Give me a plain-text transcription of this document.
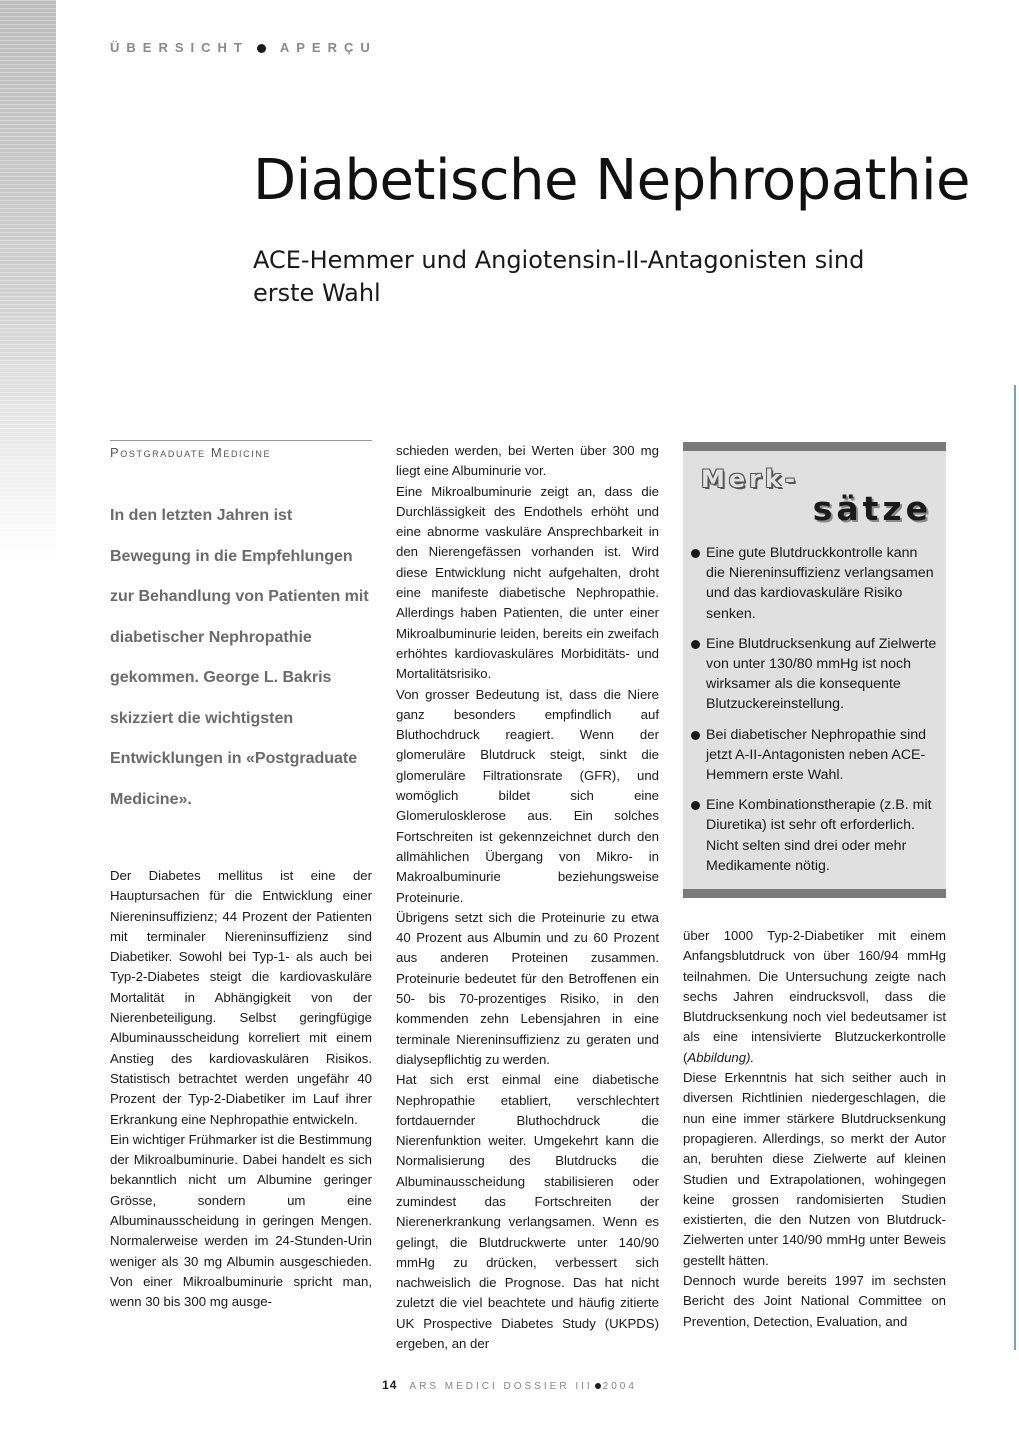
ÜBERSICHT APERÇU
Diabetische Nephropathie
ACE-Hemmer und Angiotensin-II-Antagonisten sind erste Wahl
Postgraduate Medicine

In den letzten Jahren ist Bewegung in die Empfehlungen zur Behandlung von Patienten mit diabetischer Nephropathie gekommen. George L. Bakris skizziert die wichtigsten Entwicklungen in «Postgraduate Medicine».

Der Diabetes mellitus ist eine der Hauptursachen für die Entwicklung einer Niereninsuffizienz; 44 Prozent der Patienten mit terminaler Niereninsuffizienz sind Diabetiker. Sowohl bei Typ-1- als auch bei Typ-2-Diabetes steigt die kardiovaskuläre Mortalität in Abhängigkeit von der Nierenbeteiligung. Selbst geringfügige Albuminausscheidung korreliert mit einem Anstieg des kardiovaskulären Risikos. Statistisch betrachtet werden ungefähr 40 Prozent der Typ-2-Diabetiker im Lauf ihrer Erkrankung eine Nephropathie entwickeln.

Ein wichtiger Frühmarker ist die Bestimmung der Mikroalbuminurie. Dabei handelt es sich bekanntlich nicht um Albumine geringer Grösse, sondern um eine Albuminausscheidung in geringen Mengen. Normalerweise werden im 24-Stunden-Urin weniger als 30 mg Albumin ausgeschieden. Von einer Mikroalbuminurie spricht man, wenn 30 bis 300 mg ausge-

schieden werden, bei Werten über 300 mg liegt eine Albuminurie vor.

Eine Mikroalbuminurie zeigt an, dass die Durchlässigkeit des Endothels erhöht und eine abnorme vaskuläre Ansprechbarkeit in den Nierengefässen vorhanden ist. Wird diese Entwicklung nicht aufgehalten, droht eine manifeste diabetische Nephropathie. Allerdings haben Patienten, die unter einer Mikroalbuminurie leiden, bereits ein zweifach erhöhtes kardiovaskuläres Morbiditäts- und Mortalitätsrisiko.

Von grosser Bedeutung ist, dass die Niere ganz besonders empfindlich auf Bluthochdruck reagiert. Wenn der glomeruläre Blutdruck steigt, sinkt die glomeruläre Filtrationsrate (GFR), und womöglich bildet sich eine Glomerulosklerose aus. Ein solches Fortschreiten ist gekennzeichnet durch den allmählichen Übergang von Mikro- in Makroalbuminurie beziehungsweise Proteinurie.

Übrigens setzt sich die Proteinurie zu etwa 40 Prozent aus Albumin und zu 60 Prozent aus anderen Proteinen zusammen. Proteinurie bedeutet für den Betroffenen ein 50- bis 70-prozentiges Risiko, in den kommenden zehn Lebensjahren in eine terminale Niereninsuffizienz zu geraten und dialysepflichtig zu werden.

Hat sich erst einmal eine diabetische Nephropathie etabliert, verschlechtert fortdauernder Bluthochdruck die Nierenfunktion weiter. Umgekehrt kann die Normalisierung des Blutdrucks die Albuminausscheidung stabilisieren oder zumindest das Fortschreiten der Nierenerkrankung verlangsamen. Wenn es gelingt, die Blutdruckwerte unter 140/90 mmHg zu drücken, verbessert sich nachweislich die Prognose. Das hat nicht zuletzt die viel beachtete und häufig zitierte UK Prospective Diabetes Study (UKPDS) ergeben, an der

Merk-
sätze
Eine gute Blutdruckkontrolle kann die Niereninsuffizienz verlangsamen und das kardiovaskuläre Risiko senken.
Eine Blutdrucksenkung auf Zielwerte von unter 130/80 mmHg ist noch wirksamer als die konsequente Blutzuckereinstellung.
Bei diabetischer Nephropathie sind jetzt A-II-Antagonisten neben ACE-Hemmern erste Wahl.
Eine Kombinationstherapie (z.B. mit Diuretika) ist sehr oft erforderlich. Nicht selten sind drei oder mehr Medikamente nötig.

über 1000 Typ-2-Diabetiker mit einem Anfangsblutdruck von über 160/94 mmHg teilnahmen. Die Untersuchung zeigte nach sechs Jahren eindrucksvoll, dass die Blutdrucksenkung noch viel bedeutsamer ist als eine intensivierte Blutzuckerkontrolle (Abbildung).

Diese Erkenntnis hat sich seither auch in diversen Richtlinien niedergeschlagen, die nun eine immer stärkere Blutdrucksenkung propagieren. Allerdings, so merkt der Autor an, beruhten diese Zielwerte auf kleinen Studien und Extrapolationen, wohingegen keine grossen randomisierten Studien existierten, die den Nutzen von Blutdruck-Zielwerten unter 140/90 mmHg unter Beweis gestellt hätten.

Dennoch wurde bereits 1997 im sechsten Bericht des Joint National Committee on Prevention, Detection, Evaluation, and

14 ARS MEDICI DOSSIER III 2004
